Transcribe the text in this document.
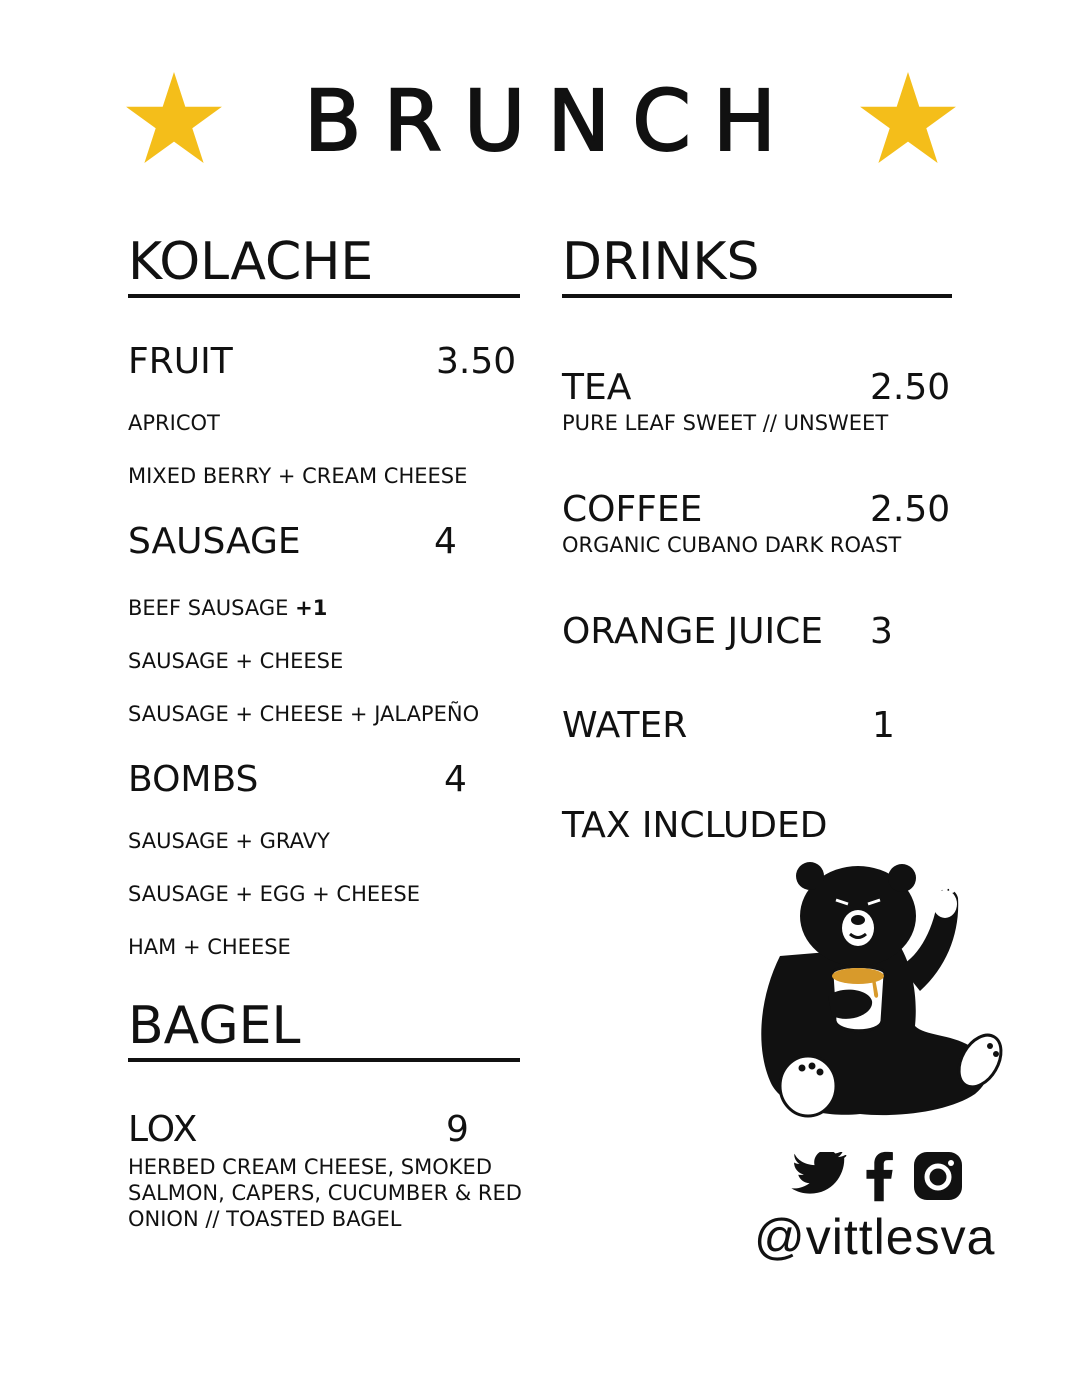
BRUNCH
KOLACHE
FRUIT	3.50
APRICOT
MIXED BERRY + CREAM CHEESE
SAUSAGE	4
BEEF SAUSAGE +1
SAUSAGE + CHEESE
SAUSAGE + CHEESE + JALAPEÑO
BOMBS	4
SAUSAGE + GRAVY
SAUSAGE + EGG + CHEESE
HAM + CHEESE
BAGEL
LOX	9
HERBED CREAM CHEESE, SMOKED
SALMON, CAPERS, CUCUMBER & RED
ONION // TOASTED BAGEL
DRINKS
TEA	2.50
PURE LEAF SWEET // UNSWEET
COFFEE	2.50
ORGANIC CUBANO DARK ROAST
ORANGE JUICE 3
WATER	1
TAX INCLUDED
@vittlesva
